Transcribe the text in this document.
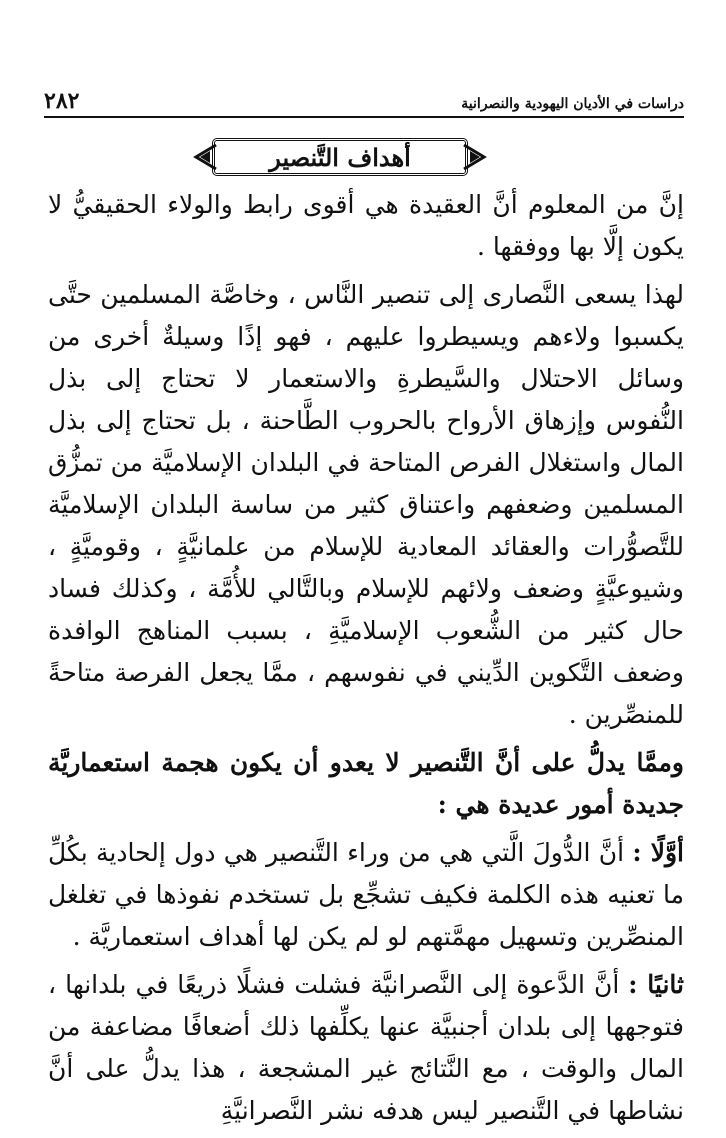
٢٨٢	دراسات في الأديان اليهودية والنصرانية
أهداف التَّنصير

إنَّ من المعلوم أنَّ العقيدة هي أقوى رابط والولاء الحقيقيُّ لا يكون إلَّا بها ووفقها .

لهذا يسعى النَّصارى إلى تنصير النَّاس ، وخاصَّة المسلمين حتَّى يكسبوا ولاءهم ويسيطروا عليهم ، فهو إذًا وسيلةٌ أخرى من وسائل الاحتلال والسَّيطرةِ والاستعمار لا تحتاج إلى بذل النُّفوس وإزهاق الأرواح بالحروب الطَّاحنة ، بل تحتاج إلى بذل المال واستغلال الفرص المتاحة في البلدان الإسلاميَّة من تمزُّق المسلمين وضعفهم واعتناق كثير من ساسة البلدان الإسلاميَّة للتَّصوُّرات والعقائد المعادية للإسلام من علمانيَّةٍ ، وقوميَّةٍ ، وشيوعيَّةٍ وضعف ولائهم للإسلام وبالتَّالي للأُمَّة ، وكذلك فساد حال كثير من الشُّعوب الإسلاميَّةِ ، بسبب المناهج الوافدة وضعف التَّكوين الدِّيني في نفوسهم ، ممَّا يجعل الفرصة متاحةً للمنصِّرين .

وممَّا يدلُّ على أنَّ التَّنصير لا يعدو أن يكون هجمة استعماريَّة جديدة أمور عديدة هي :

أوَّلًا : أنَّ الدُّولَ الَّتي هي من وراء التَّنصير هي دول إلحادية بكُلِّ ما تعنيه هذه الكلمة فكيف تشجِّع بل تستخدم نفوذها في تغلغل المنصِّرين وتسهيل مهمَّتهم لو لم يكن لها أهداف استعماريَّة .

ثانيًا : أنَّ الدَّعوة إلى النَّصرانيَّة فشلت فشلًا ذريعًا في بلدانها ، فتوجهها إلى بلدان أجنبيَّة عنها يكلِّفها ذلك أضعافًا مضاعفة من المال والوقت ، مع النَّتائج غير المشجعة ، هذا يدلُّ على أنَّ نشاطها في التَّنصير ليس هدفه نشر النَّصرانيَّةِ
